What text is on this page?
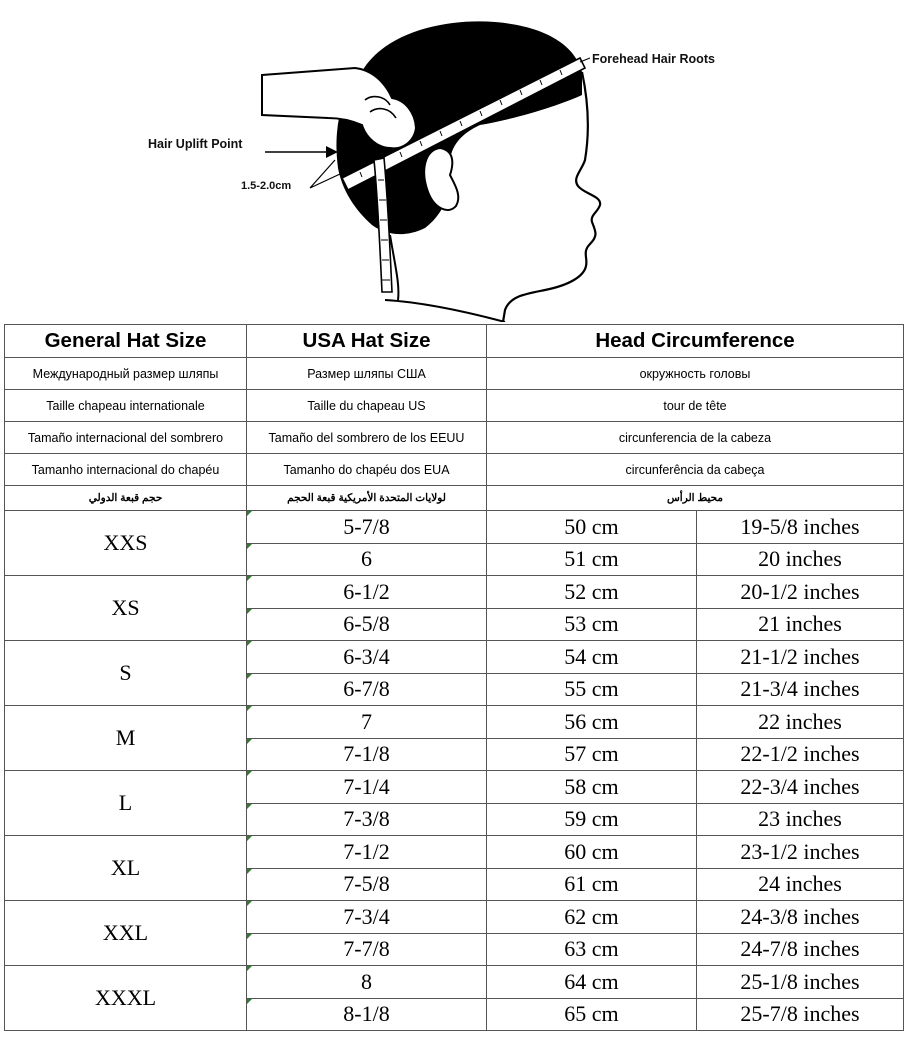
Forehead Hair Roots
Hair Uplift Point
1.5-2.0cm
General Hat Size	USA Hat Size	Head Circumference	
Международный размер шляпы	Размер шляпы США	окружность головы	
Taille chapeau internationale	Taille du chapeau US	tour de tête	
Tamaño internacional del sombrero	Tamaño del sombrero de los EEUU	circunferencia de la cabeza	
Tamanho internacional do chapéu	Tamanho do chapéu dos EUA	circunferência da cabeça	
حجم قبعة الدولي	لولايات المتحدة الأمريكية قبعة الحجم	محيط الرأس	
XXS	5-7/8	50 cm	19-5/8 inches

6	51 cm	20 inches
XS	6-1/2	52 cm	20-1/2 inches

6-5/8	53 cm	21 inches
S	6-3/4	54 cm	21-1/2 inches

6-7/8	55 cm	21-3/4 inches
M	7	56 cm	22 inches

7-1/8	57 cm	22-1/2 inches
L	7-1/4	58 cm	22-3/4 inches

7-3/8	59 cm	23 inches
XL	7-1/2	60 cm	23-1/2 inches

7-5/8	61 cm	24 inches
XXL	7-3/4	62 cm	24-3/8 inches

7-7/8	63 cm	24-7/8 inches
XXXL	8	64 cm	25-1/8 inches

8-1/8	65 cm	25-7/8 inches
